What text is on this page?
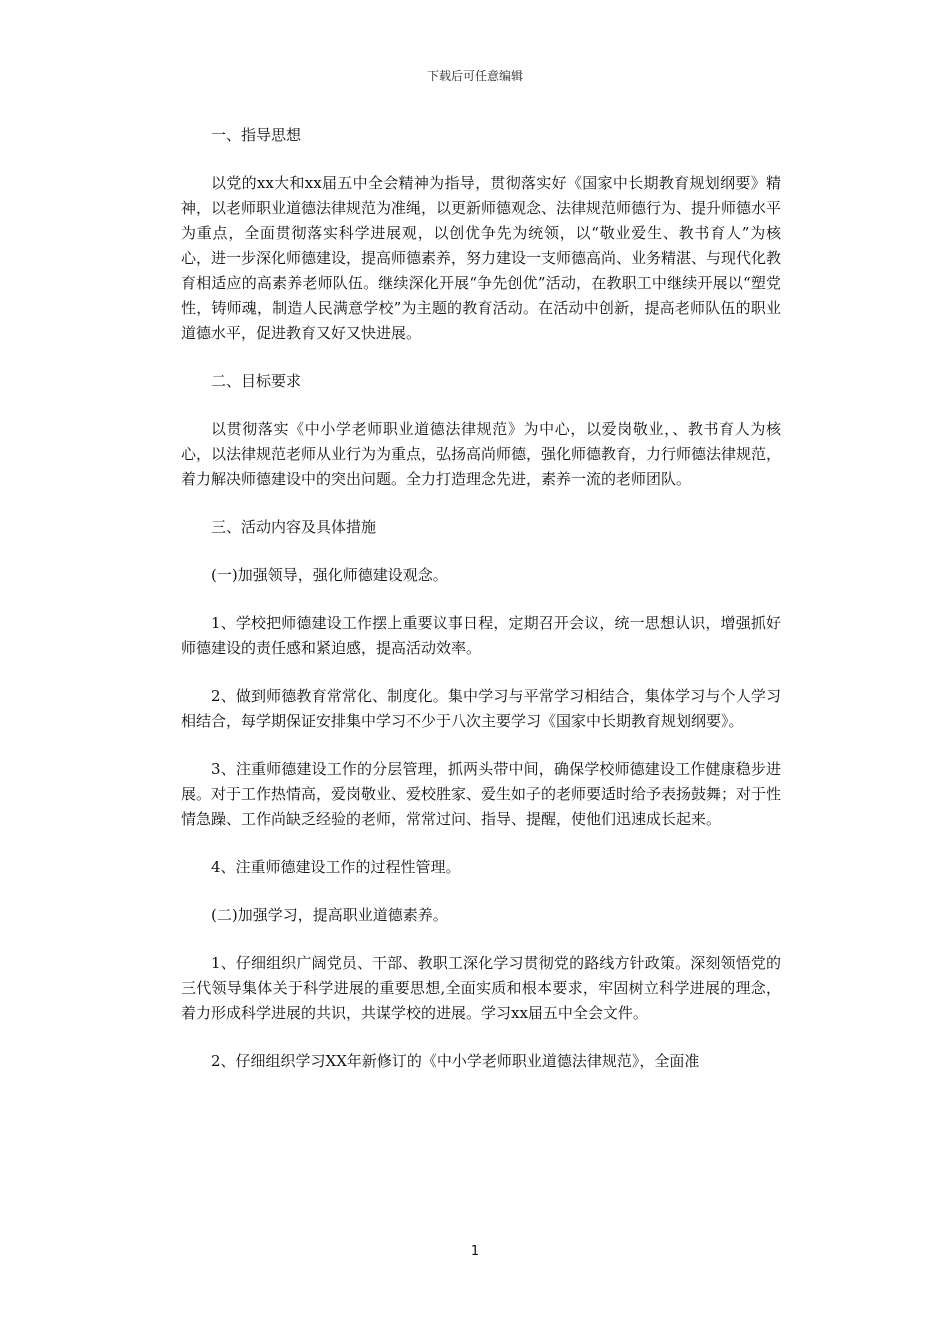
下载后可任意编辑

一、指导思想

以党的xx大和xx届五中全会精神为指导，贯彻落实好《国家中长期教育规划纲要》精神，以老师职业道德法律规范为准绳，以更新师德观念、法律规范师德行为、提升师德水平为重点，全面贯彻落实科学进展观，以创优争先为统领，以“敬业爱生、教书育人”为核心，进一步深化师德建设，提高师德素养，努力建设一支师德高尚、业务精湛、与现代化教育相适应的高素养老师队伍。继续深化开展“争先创优”活动，在教职工中继续开展以“塑党性，铸师魂，制造人民满意学校”为主题的教育活动。在活动中创新，提高老师队伍的职业道德水平，促进教育又好又快进展。

二、目标要求

以贯彻落实《中小学老师职业道德法律规范》为中心，以爱岗敬业，、教书育人为核心，以法律规范老师从业行为为重点，弘扬高尚师德，强化师德教育，力行师德法律规范，着力解决师德建设中的突出问题。全力打造理念先进，素养一流的老师团队。

三、活动内容及具体措施

(一)加强领导，强化师德建设观念。

1、学校把师德建设工作摆上重要议事日程，定期召开会议，统一思想认识，增强抓好师德建设的责任感和紧迫感，提高活动效率。

2、做到师德教育常常化、制度化。集中学习与平常学习相结合，集体学习与个人学习相结合，每学期保证安排集中学习不少于八次主要学习《国家中长期教育规划纲要》。

3、注重师德建设工作的分层管理，抓两头带中间，确保学校师德建设工作健康稳步进展。对于工作热情高，爱岗敬业、爱校胜家、爱生如子的老师要适时给予表扬鼓舞；对于性情急躁、工作尚缺乏经验的老师，常常过问、指导、提醒，使他们迅速成长起来。

4、注重师德建设工作的过程性管理。

(二)加强学习，提高职业道德素养。

1、仔细组织广阔党员、干部、教职工深化学习贯彻党的路线方针政策。深刻领悟党的三代领导集体关于科学进展的重要思想,全面实质和根本要求，牢固树立科学进展的理念，着力形成科学进展的共识，共谋学校的进展。学习xx届五中全会文件。

2、仔细组织学习XX年新修订的《中小学老师职业道德法律规范》，全面准

1
